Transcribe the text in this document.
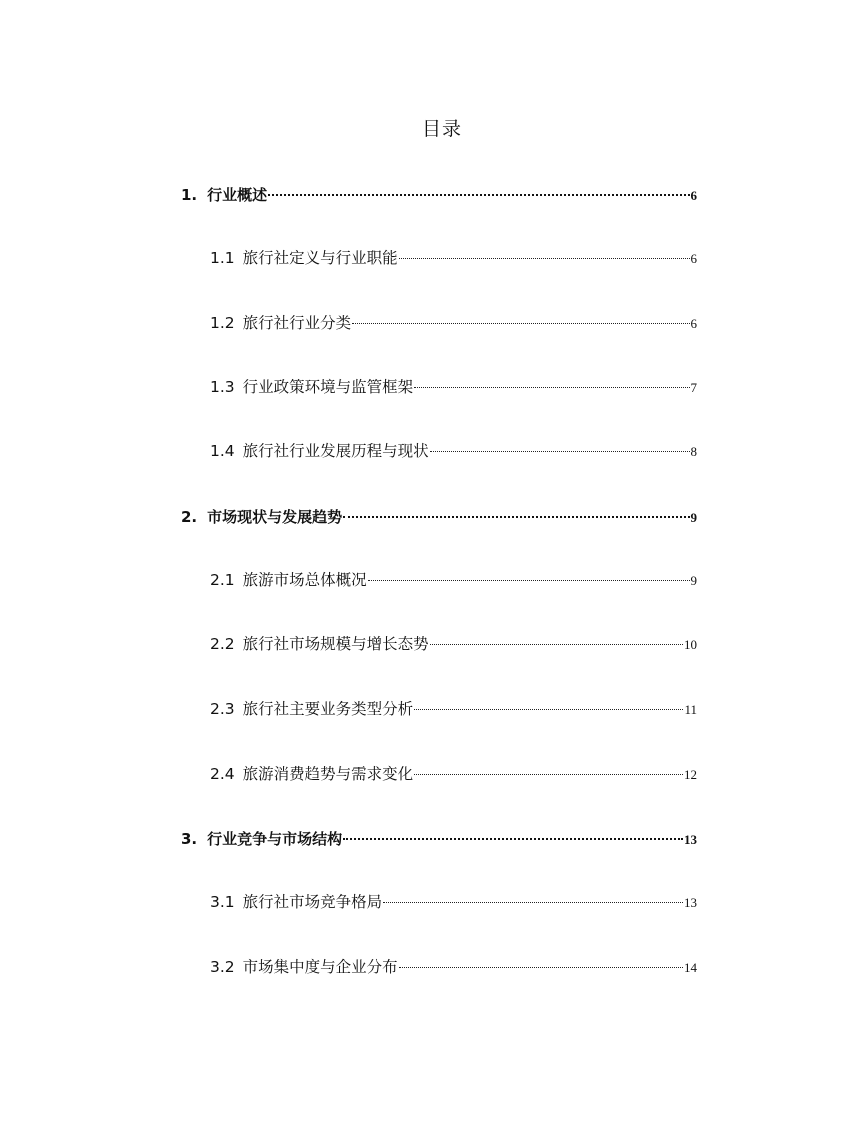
目录
1. 行业概述	6
1.1 旅行社定义与行业职能	6
1.2 旅行社行业分类	6
1.3 行业政策环境与监管框架	7
1.4 旅行社行业发展历程与现状	8
2. 市场现状与发展趋势	9
2.1 旅游市场总体概况	9
2.2 旅行社市场规模与增长态势	10
2.3 旅行社主要业务类型分析	11
2.4 旅游消费趋势与需求变化	12
3. 行业竞争与市场结构	13
3.1 旅行社市场竞争格局	13
3.2 市场集中度与企业分布	14
